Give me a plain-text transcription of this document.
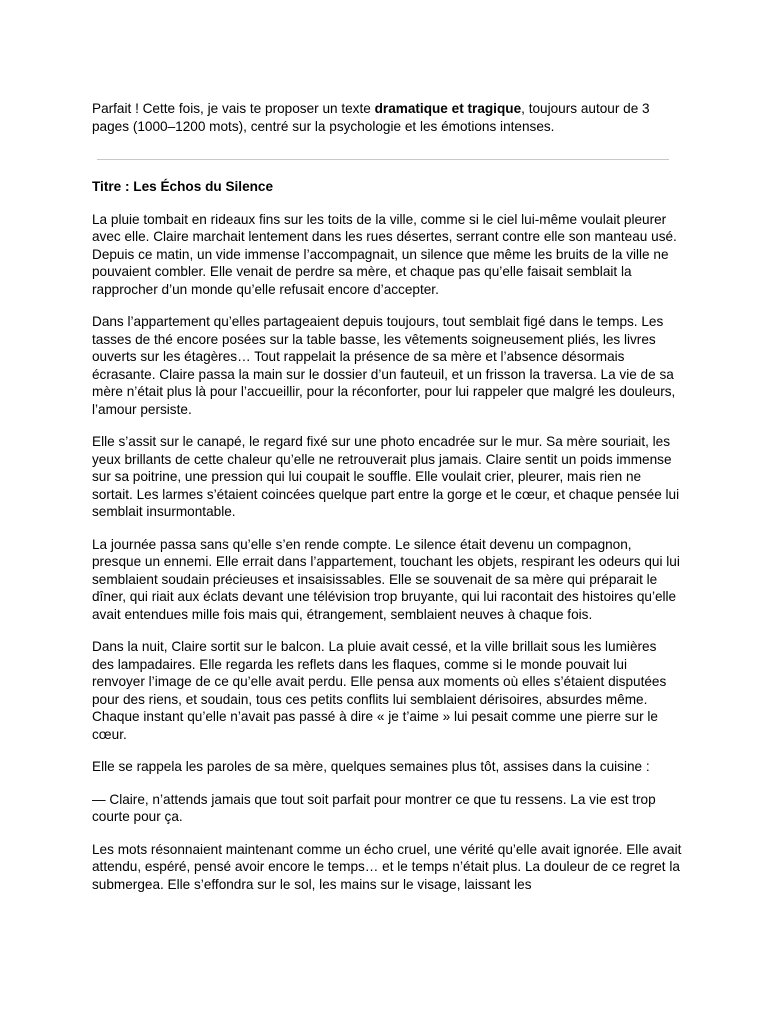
Parfait ! Cette fois, je vais te proposer un texte dramatique et tragique, toujours autour de 3 pages (1000–1200 mots), centré sur la psychologie et les émotions intenses.

Titre : Les Échos du Silence

La pluie tombait en rideaux fins sur les toits de la ville, comme si le ciel lui-même voulait pleurer avec elle. Claire marchait lentement dans les rues désertes, serrant contre elle son manteau usé. Depuis ce matin, un vide immense l’accompagnait, un silence que même les bruits de la ville ne pouvaient combler. Elle venait de perdre sa mère, et chaque pas qu’elle faisait semblait la rapprocher d’un monde qu’elle refusait encore d’accepter.

Dans l’appartement qu’elles partageaient depuis toujours, tout semblait figé dans le temps. Les tasses de thé encore posées sur la table basse, les vêtements soigneusement pliés, les livres ouverts sur les étagères… Tout rappelait la présence de sa mère et l’absence désormais écrasante. Claire passa la main sur le dossier d’un fauteuil, et un frisson la traversa. La vie de sa mère n’était plus là pour l’accueillir, pour la réconforter, pour lui rappeler que malgré les douleurs, l’amour persiste.

Elle s’assit sur le canapé, le regard fixé sur une photo encadrée sur le mur. Sa mère souriait, les yeux brillants de cette chaleur qu’elle ne retrouverait plus jamais. Claire sentit un poids immense sur sa poitrine, une pression qui lui coupait le souffle. Elle voulait crier, pleurer, mais rien ne sortait. Les larmes s’étaient coincées quelque part entre la gorge et le cœur, et chaque pensée lui semblait insurmontable.

La journée passa sans qu’elle s’en rende compte. Le silence était devenu un compagnon, presque un ennemi. Elle errait dans l’appartement, touchant les objets, respirant les odeurs qui lui semblaient soudain précieuses et insaisissables. Elle se souvenait de sa mère qui préparait le dîner, qui riait aux éclats devant une télévision trop bruyante, qui lui racontait des histoires qu’elle avait entendues mille fois mais qui, étrangement, semblaient neuves à chaque fois.

Dans la nuit, Claire sortit sur le balcon. La pluie avait cessé, et la ville brillait sous les lumières des lampadaires. Elle regarda les reflets dans les flaques, comme si le monde pouvait lui renvoyer l’image de ce qu’elle avait perdu. Elle pensa aux moments où elles s’étaient disputées pour des riens, et soudain, tous ces petits conflits lui semblaient dérisoires, absurdes même. Chaque instant qu’elle n’avait pas passé à dire « je t’aime » lui pesait comme une pierre sur le cœur.

Elle se rappela les paroles de sa mère, quelques semaines plus tôt, assises dans la cuisine :

— Claire, n’attends jamais que tout soit parfait pour montrer ce que tu ressens. La vie est trop courte pour ça.

Les mots résonnaient maintenant comme un écho cruel, une vérité qu’elle avait ignorée. Elle avait attendu, espéré, pensé avoir encore le temps… et le temps n’était plus. La douleur de ce regret la submergea. Elle s’effondra sur le sol, les mains sur le visage, laissant les
